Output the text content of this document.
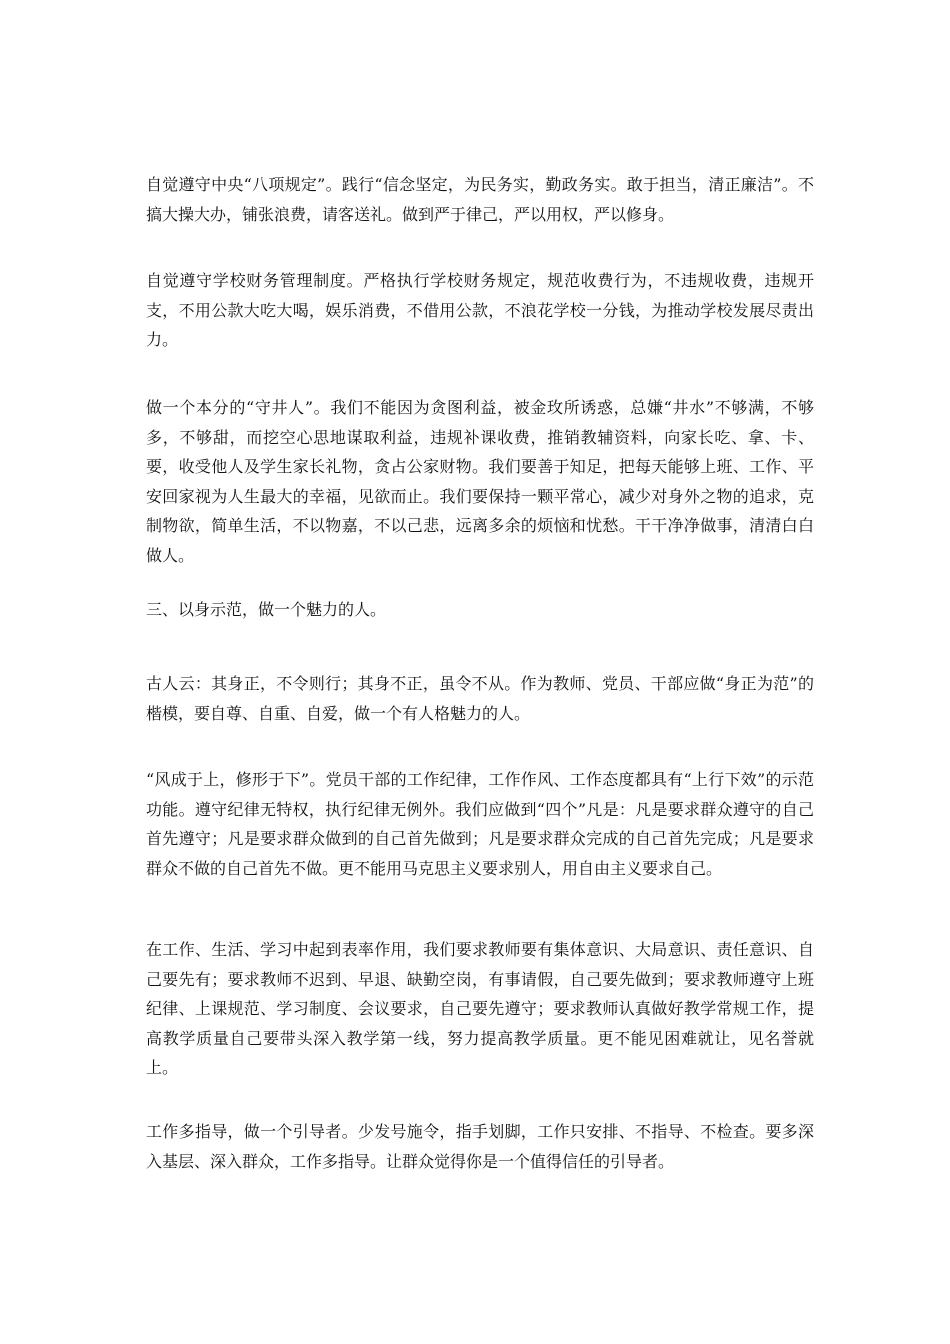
自觉遵守中央“八项规定”。践行“信念坚定，为民务实，勤政务实。敢于担当，清正廉洁”。不搞大操大办，铺张浪费，请客送礼。做到严于律己，严以用权，严以修身。

自觉遵守学校财务管理制度。严格执行学校财务规定，规范收费行为，不违规收费，违规开支，不用公款大吃大喝，娱乐消费，不借用公款，不浪花学校一分钱，为推动学校发展尽责出力。

做一个本分的“守井人”。我们不能因为贪图利益，被金玫所诱惑，总嫌“井水”不够满，不够多，不够甜，而挖空心思地谋取利益，违规补课收费，推销教辅资料，向家长吃、拿、卡、要，收受他人及学生家长礼物，贪占公家财物。我们要善于知足，把每天能够上班、工作、平安回家视为人生最大的幸福，见欲而止。我们要保持一颗平常心，减少对身外之物的追求，克制物欲，简单生活，不以物嘉，不以己悲，远离多余的烦恼和忧愁。干干净净做事，清清白白做人。

三、以身示范，做一个魅力的人。

古人云：其身正，不令则行；其身不正，虽令不从。作为教师、党员、干部应做“身正为范”的楷模，要自尊、自重、自爱，做一个有人格魅力的人。

“风成于上，修形于下”。党员干部的工作纪律，工作作风、工作态度都具有“上行下效”的示范功能。遵守纪律无特权，执行纪律无例外。我们应做到“四个”凡是：凡是要求群众遵守的自己首先遵守；凡是要求群众做到的自己首先做到；凡是要求群众完成的自己首先完成；凡是要求群众不做的自己首先不做。更不能用马克思主义要求别人，用自由主义要求自己。

在工作、生活、学习中起到表率作用，我们要求教师要有集体意识、大局意识、责任意识、自己要先有；要求教师不迟到、早退、缺勤空岗，有事请假，自己要先做到；要求教师遵守上班纪律、上课规范、学习制度、会议要求，自己要先遵守；要求教师认真做好教学常规工作，提高教学质量自己要带头深入教学第一线，努力提高教学质量。更不能见困难就让，见名誉就上。

工作多指导，做一个引导者。少发号施令，指手划脚，工作只安排、不指导、不检查。要多深入基层、深入群众，工作多指导。让群众觉得你是一个值得信任的引导者。
